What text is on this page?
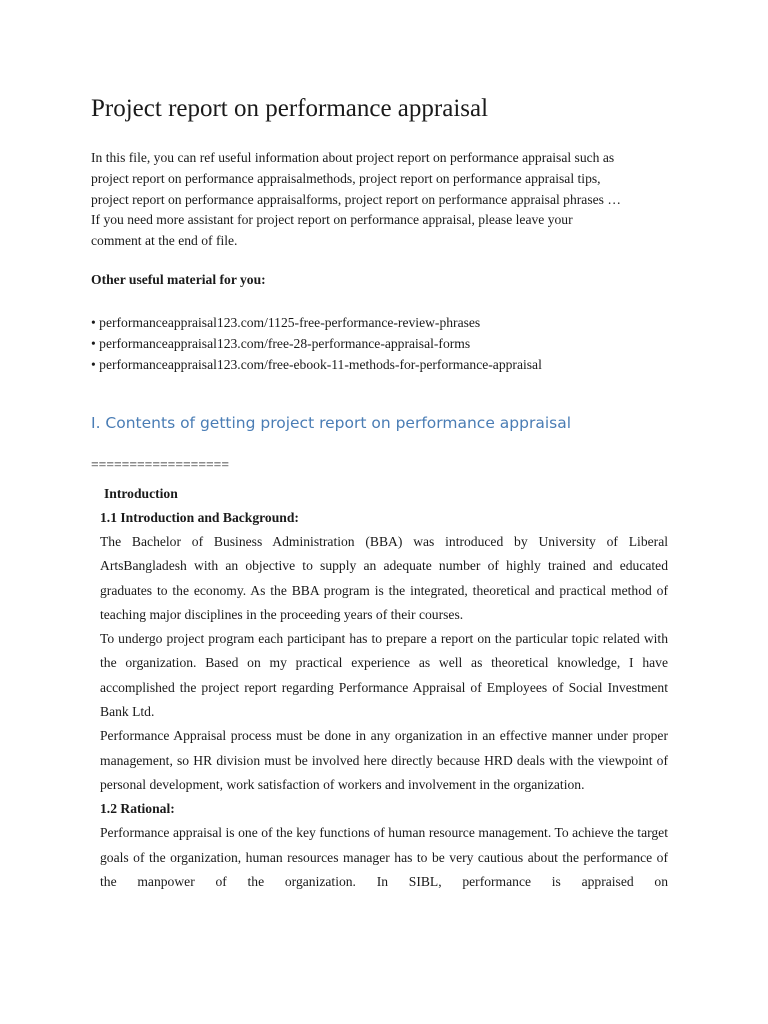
Project report on performance appraisal

In this file, you can ref useful information about project report on performance appraisal such as
project report on performance appraisalmethods, project report on performance appraisal tips,
project report on performance appraisalforms, project report on performance appraisal phrases …
If you need more assistant for project report on performance appraisal, please leave your
comment at the end of file.

Other useful material for you:

• performanceappraisal123.com/1125-free-performance-review-phrases
• performanceappraisal123.com/free-28-performance-appraisal-forms
• performanceappraisal123.com/free-ebook-11-methods-for-performance-appraisal
I. Contents of getting project report on performance appraisal
==================

Introduction

1.1 Introduction and Background:

The Bachelor of Business Administration (BBA) was introduced by University of Liberal ArtsBangladesh with an objective to supply an adequate number of highly trained and educated graduates to the economy. As the BBA program is the integrated, theoretical and practical method of teaching major disciplines in the proceeding years of their courses.

To undergo project program each participant has to prepare a report on the particular topic related with the organization. Based on my practical experience as well as theoretical knowledge, I have accomplished the project report regarding Performance Appraisal of Employees of Social Investment Bank Ltd.

Performance Appraisal process must be done in any organization in an effective manner under proper management, so HR division must be involved here directly because HRD deals with the viewpoint of personal development, work satisfaction of workers and involvement in the organization.

1.2 Rational:

Performance appraisal is one of the key functions of human resource management. To achieve the target goals of the organization, human resources manager has to be very cautious about the performance of the manpower of the organization. In SIBL, performance is appraised on
